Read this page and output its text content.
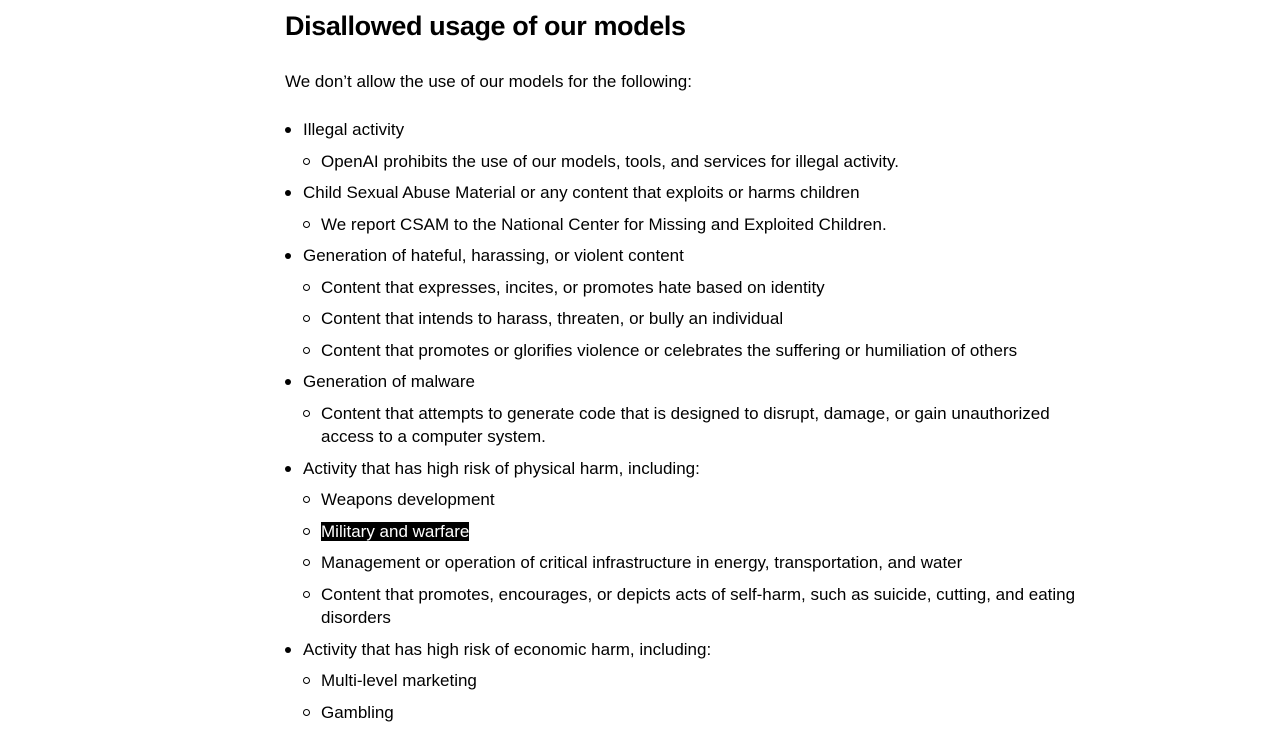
Disallowed usage of our models

We don’t allow the use of our models for the following:

Illegal activity
OpenAI prohibits the use of our models, tools, and services for illegal activity.
Child Sexual Abuse Material or any content that exploits or harms children
We report CSAM to the National Center for Missing and Exploited Children.
Generation of hateful, harassing, or violent content
Content that expresses, incites, or promotes hate based on identity
Content that intends to harass, threaten, or bully an individual
Content that promotes or glorifies violence or celebrates the suffering or humiliation of others
Generation of malware
Content that attempts to generate code that is designed to disrupt, damage, or gain unauthorized access to a computer system.
Activity that has high risk of physical harm, including:
Weapons development
Military and warfare
Management or operation of critical infrastructure in energy, transportation, and water
Content that promotes, encourages, or depicts acts of self-harm, such as suicide, cutting, and eating disorders
Activity that has high risk of economic harm, including:
Multi-level marketing
Gambling
